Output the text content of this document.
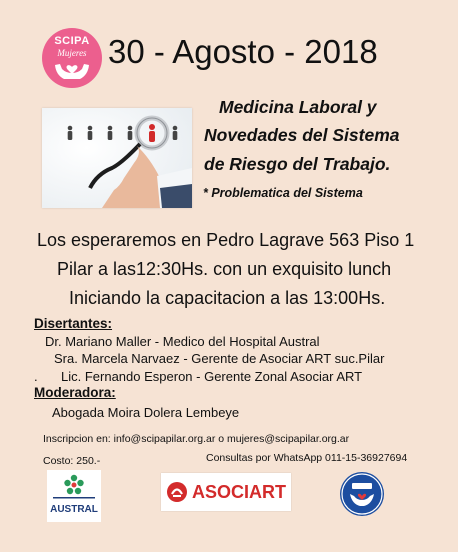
SCIPA
Mujeres 30 - Agosto - 2018
Medicina Laboral y
Novedades del Sistema
de Riesgo del Trabajo.
* Problematica del Sistema
Los esperaremos en Pedro Lagrave 563 Piso 1
Pilar a las12:30Hs. con un exquisito lunch
Iniciando la capacitacion a las 13:00Hs.
Disertantes:
Dr. Mariano Maller - Medico del Hospital Austral
Sra. Marcela Narvaez - Gerente de Asociar ART suc.Pilar
. Lic. Fernando Esperon - Gerente Zonal Asociar ART
Moderadora:
Abogada Moira Dolera Lembeye
Inscripcion en: info@scipapilar.org.ar o mujeres@scipapilar.org.ar
Costo: 250.-	Consultas por WhatsApp 011-15-36927694
AUSTRAL
ASOCIART
